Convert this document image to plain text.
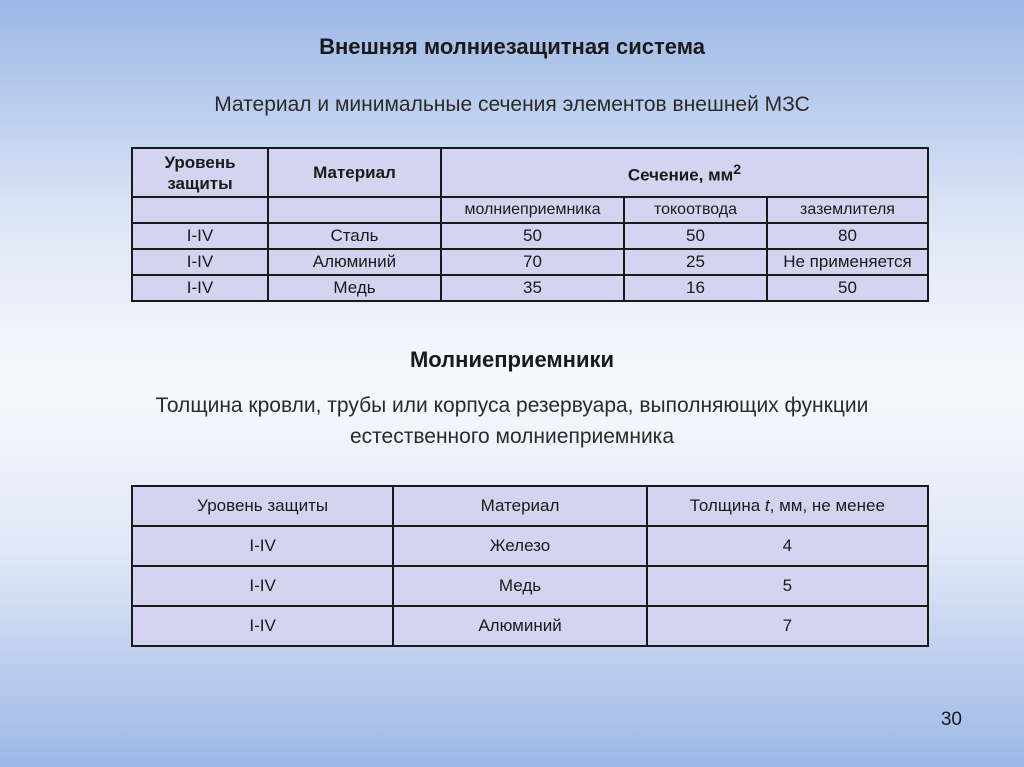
Внешняя молниезащитная система
Материал и минимальные сечения элементов внешней МЗС
Уровень защиты	Материал	Сечение, $мм^2$
		молниеприемника	токоотвода	заземлителя
I-IV	Сталь	50	50	80
I-IV	Алюминий	70	25	Не применяется
I-IV	Медь	35	16	50
Молниеприемники
Толщина кровли, трубы или корпуса резервуара, выполняющих функции
естественного молниеприемника
Уровень защиты	Материал	Толщина t, мм, не менее
I-IV	Железо	4
I-IV	Медь	5
I-IV	Алюминий	7
30
